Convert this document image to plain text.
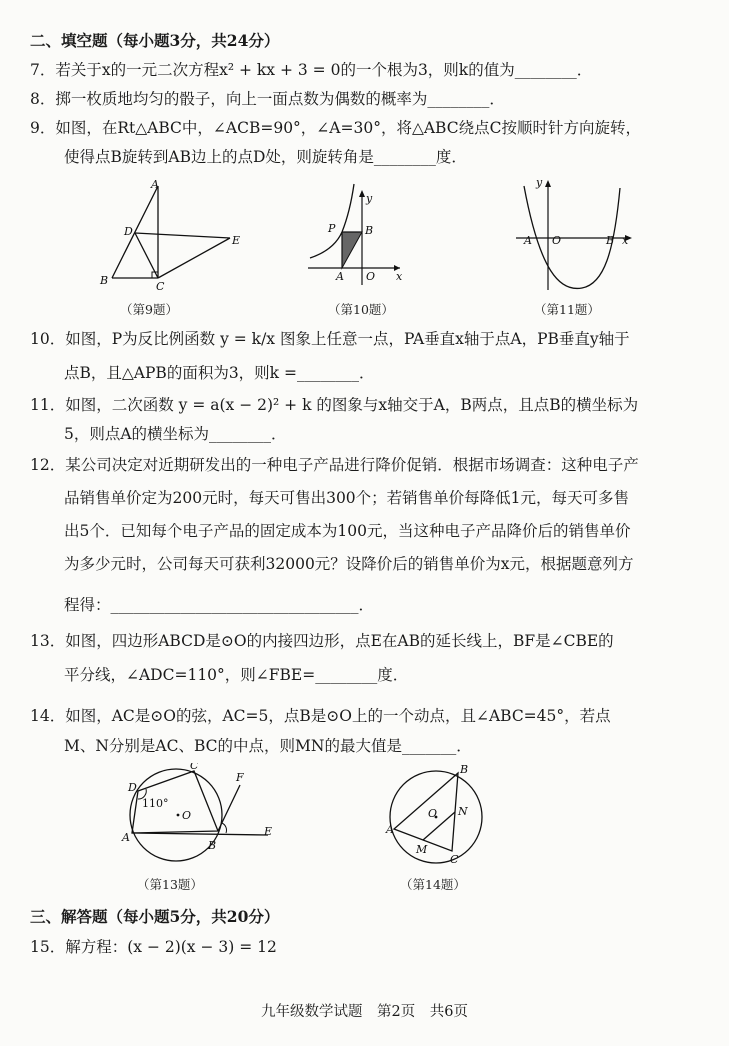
二、填空题（每小题3分，共24分）
7．若关于x的一元二次方程x² + kx + 3 = 0的一个根为3，则k的值为________．
8．掷一枚质地均匀的骰子，向上一面点数为偶数的概率为________．
9．如图，在Rt△ABC中，∠ACB=90°，∠A=30°，将△ABC绕点C按顺时针方向旋转，
使得点B旋转到AB边上的点D处，则旋转角是________度．
A
D
E
B	C
（第9题）
P	B
A O x
y
（第10题）
A O	B x
y
（第11题）
10．如图，P为反比例函数 y = k/x 图象上任意一点，PA垂直x轴于点A，PB垂直y轴于
点B，且△APB的面积为3，则k =________．
11．如图，二次函数 y = a(x − 2)² + k 的图象与x轴交于A，B两点，且点B的横坐标为
5，则点A的横坐标为________．
12．某公司决定对近期研发出的一种电子产品进行降价促销．根据市场调查：这种电子产
品销售单价定为200元时，每天可售出300个；若销售单价每降低1元，每天可多售
出5个．已知每个电子产品的固定成本为100元，当这种电子产品降价后的销售单价
为多少元时，公司每天可获利32000元？设降价后的销售单价为x元，根据题意列方
程得：________________________________．
13．如图，四边形ABCD是⊙O的内接四边形，点E在AB的延长线上，BF是∠CBE的
平分线，∠ADC=110°，则∠FBE=________度．
14．如图，AC是⊙O的弦，AC=5，点B是⊙O上的一个动点，且∠ABC=45°，若点
M、N分别是AC、BC的中点，则MN的最大值是_______．
110°
O
D
C
F
E
A
B
（第13题）
B
O N
A
M
C
（第14题）
三、解答题（每小题5分，共20分）
15．解方程：(x − 2)(x − 3) = 12
九年级数学试题　第2页　共6页
